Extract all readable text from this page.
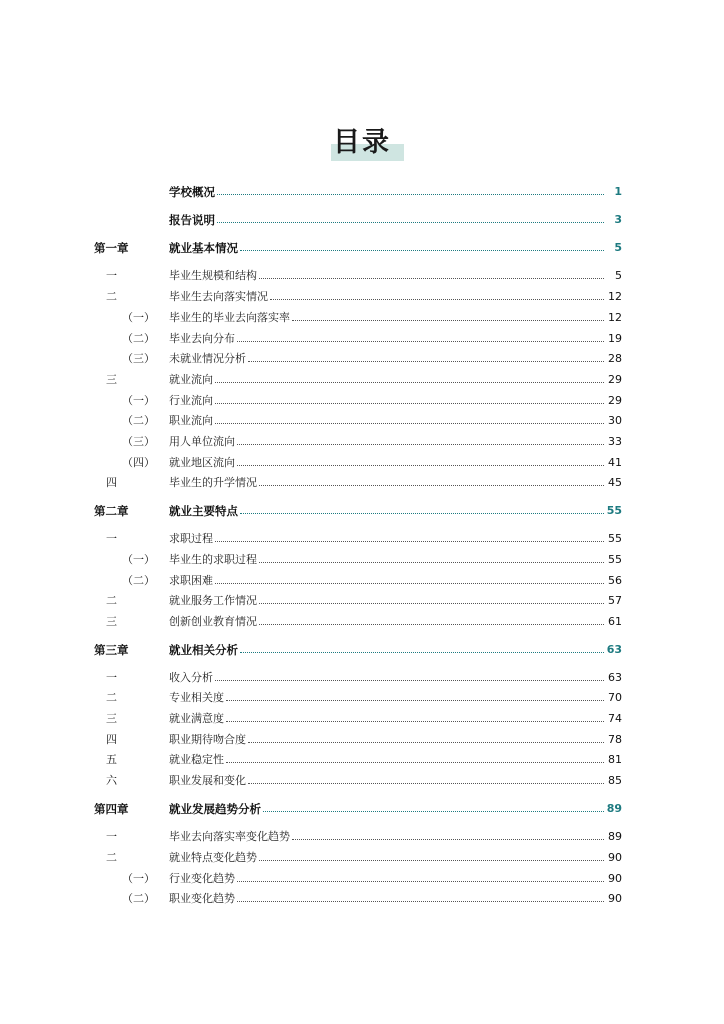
目录
学校概况	1
报告说明	3
第一章	就业基本情况	5
一	毕业生规模和结构	5
二	毕业生去向落实情况	12
（一） 毕业生的毕业去向落实率	12
（二） 毕业去向分布	19
（三） 未就业情况分析	28
三	就业流向	29
（一） 行业流向	29
（二） 职业流向	30
（三） 用人单位流向	33
（四） 就业地区流向	41
四	毕业生的升学情况	45
第二章	就业主要特点	55
一	求职过程	55
（一） 毕业生的求职过程	55
（二） 求职困难	56
二	就业服务工作情况	57
三	创新创业教育情况	61
第三章	就业相关分析	63
一	收入分析	63
二	专业相关度	70
三	就业满意度	74
四	职业期待吻合度	78
五	就业稳定性	81
六	职业发展和变化	85
第四章	就业发展趋势分析	89
一	毕业去向落实率变化趋势	89
二	就业特点变化趋势	90
（一） 行业变化趋势	90
（二） 职业变化趋势	90
